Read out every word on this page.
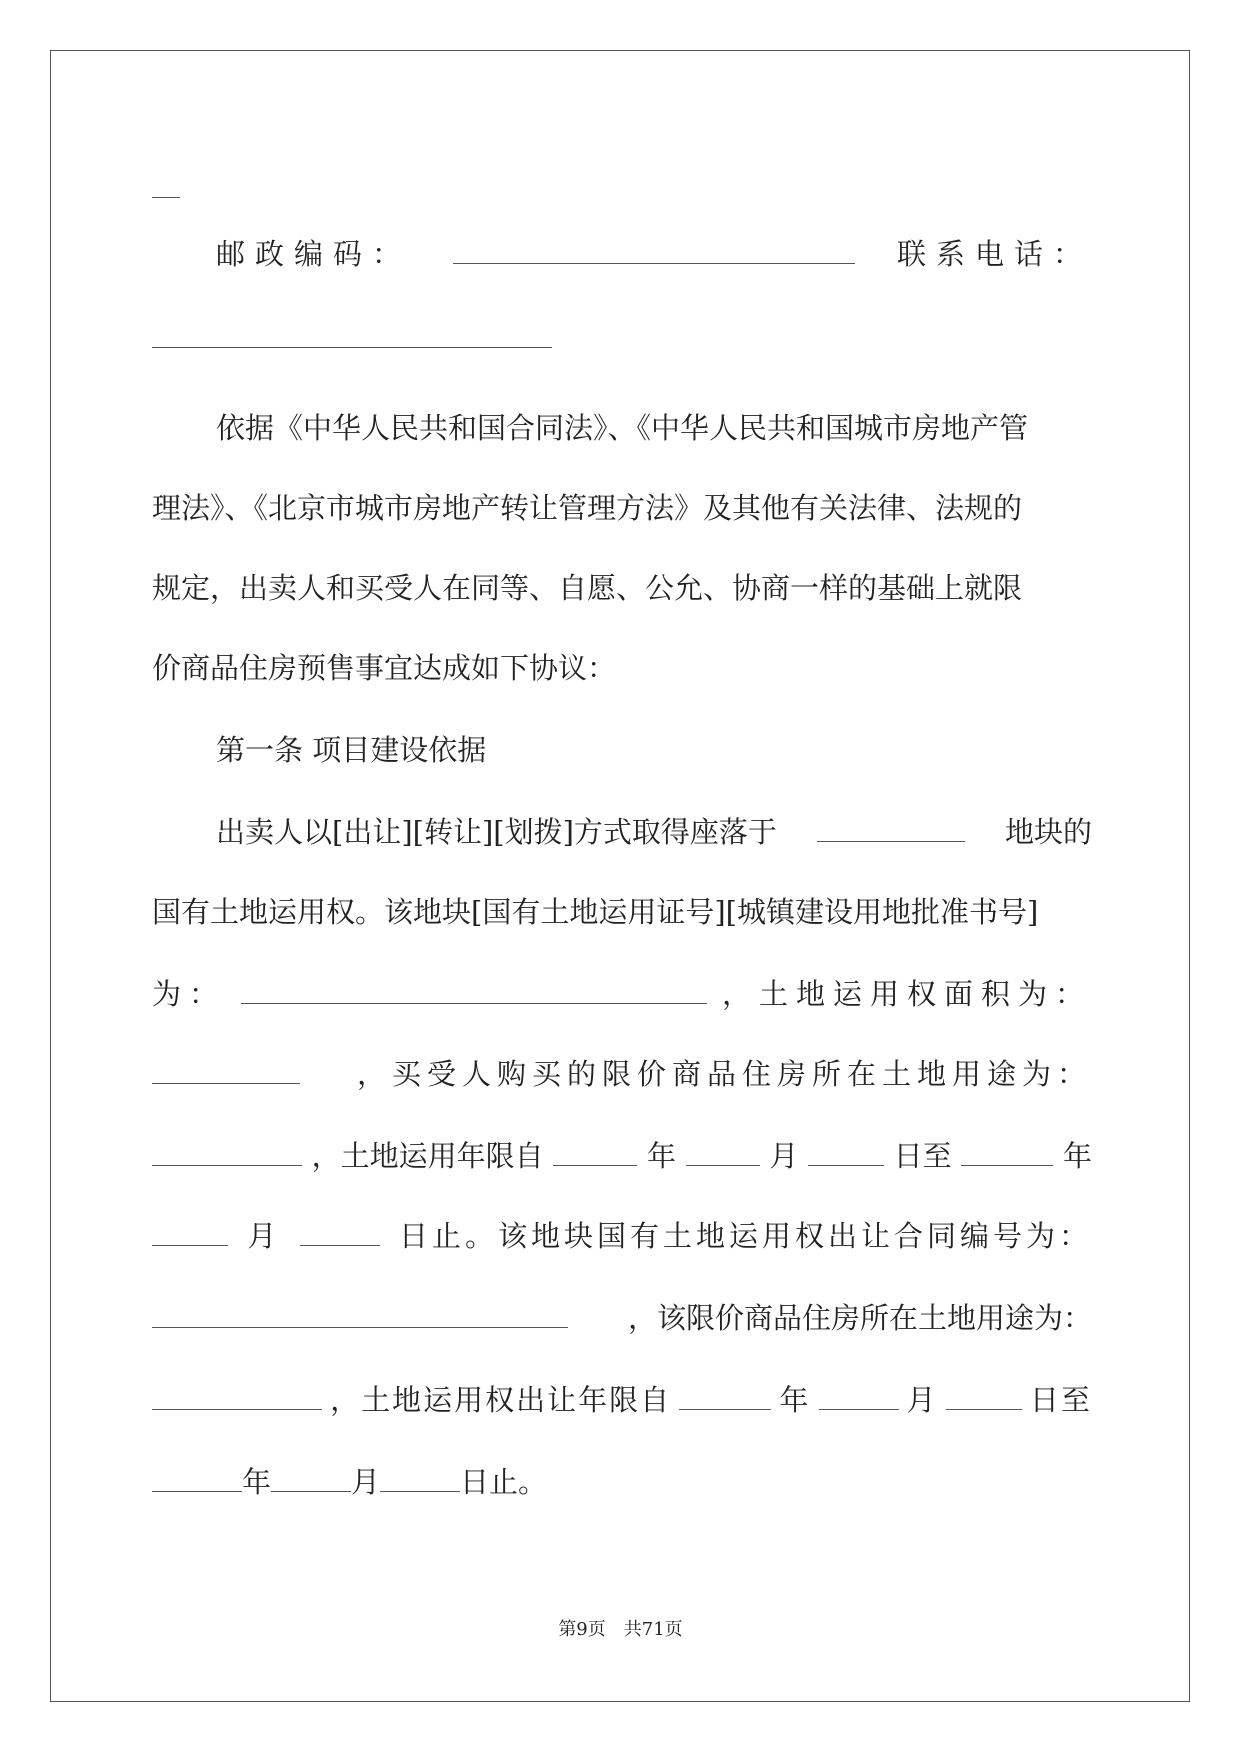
邮政编码：	联系电话：
依据《中华人民共和国合同法》、《中华人民共和国城市房地产管
理法》、《北京市城市房地产转让管理方法》及其他有关法律、法规的
规定，出卖人和买受人在同等、自愿、公允、协商一样的基础上就限
价商品住房预售事宜达成如下协议：
第一条 项目建设依据
出卖人以[出让][转让][划拨]方式取得座落于	地块的
国有土地运用权。该地块[国有土地运用证号][城镇建设用地批准书号]
为：	，土地运用权面积为：
，买受人购买的限价商品住房所在土地用途为：
，土地运用年限自	年	月	日至	年
月	日止。该地块国有土地运用权出让合同编号为：
，该限价商品住房所在土地用途为：
，土地运用权出让年限自	年	月	日至
年	月	日止。
第9页　共71页
